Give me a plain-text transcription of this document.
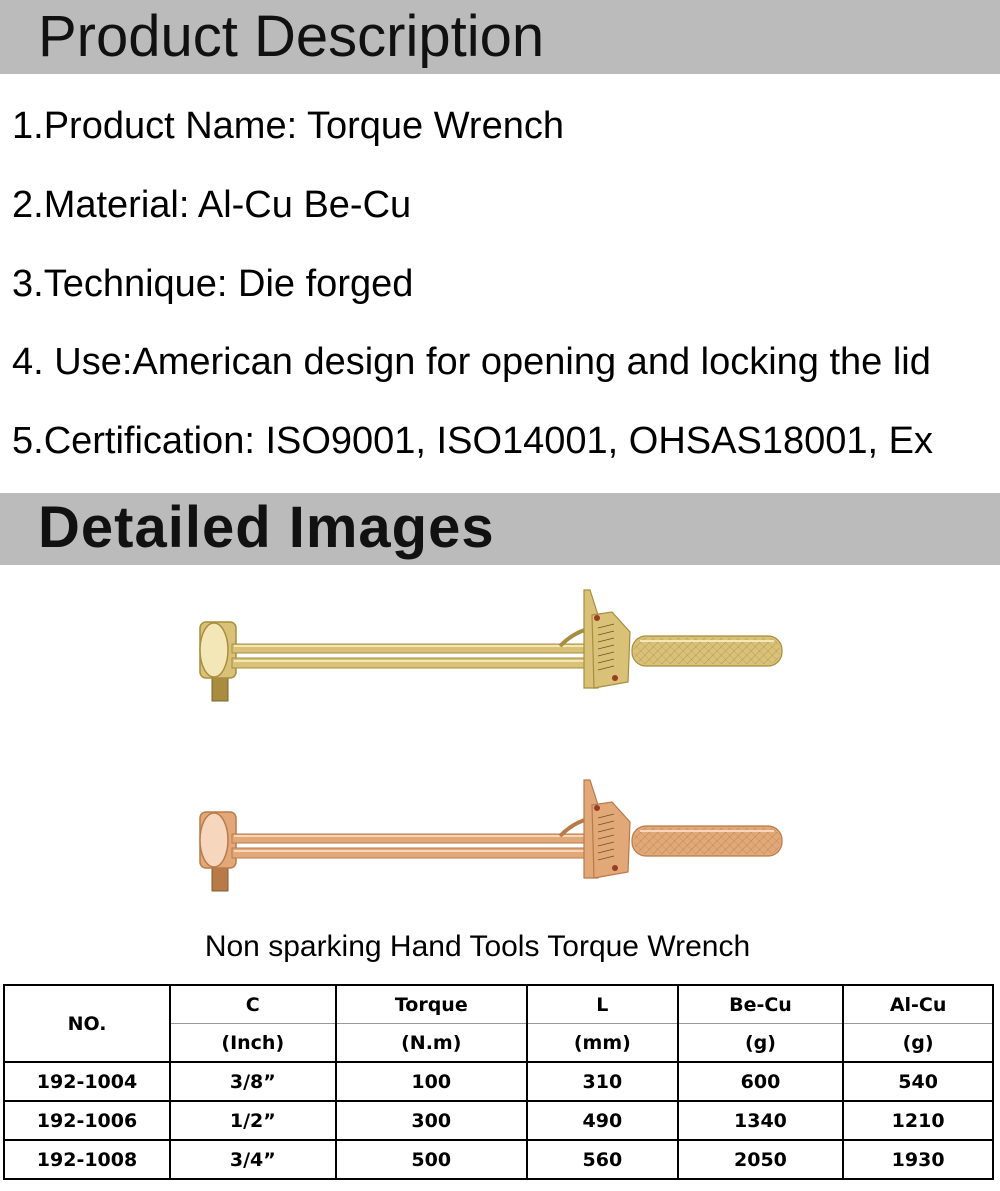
Product Description
1.Product Name: Torque Wrench
2.Material: Al-Cu Be-Cu
3.Technique: Die forged
4. Use:American design for opening and locking the lid
5.Certification: ISO9001, ISO14001, OHSAS18001, Ex
Detailed Images
Non sparking Hand Tools Torque Wrench
NO.	C	Torque	L	Be-Cu	Al-Cu
	(Inch)	(N.m)	(mm)	(g)	(g)
192-1004	3/8”	100	310	600	540
192-1006	1/2”	300	490	1340	1210
192-1008	3/4”	500	560	2050	1930
